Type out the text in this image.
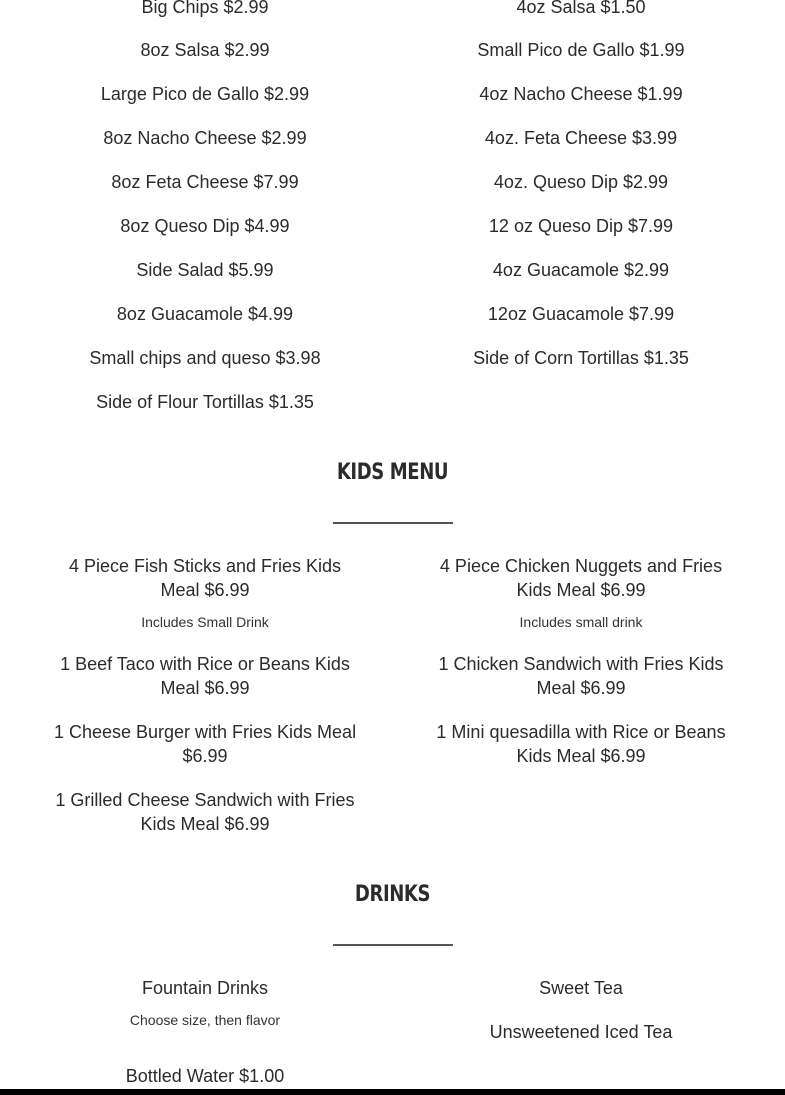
Big Chips $2.99
8oz Salsa $2.99
Large Pico de Gallo $2.99
8oz Nacho Cheese $2.99
8oz Feta Cheese $7.99
8oz Queso Dip $4.99
Side Salad $5.99
8oz Guacamole $4.99
Small chips and queso $3.98
Side of Flour Tortillas $1.35
4oz Salsa $1.50
Small Pico de Gallo $1.99
4oz Nacho Cheese $1.99
4oz. Feta Cheese $3.99
4oz. Queso Dip $2.99
12 oz Queso Dip $7.99
4oz Guacamole $2.99
12oz Guacamole $7.99
Side of Corn Tortillas $1.35
KIDS MENU
4 Piece Fish Sticks and Fries Kids
Meal $6.99
Includes Small Drink
1 Beef Taco with Rice or Beans Kids
Meal $6.99
1 Cheese Burger with Fries Kids Meal
$6.99
1 Grilled Cheese Sandwich with Fries
Kids Meal $6.99
4 Piece Chicken Nuggets and Fries
Kids Meal $6.99
Includes small drink
1 Chicken Sandwich with Fries Kids
Meal $6.99
1 Mini quesadilla with Rice or Beans
Kids Meal $6.99
DRINKS
Fountain Drinks
Choose size, then flavor
Bottled Water $1.00
Sweet Tea
Unsweetened Iced Tea
